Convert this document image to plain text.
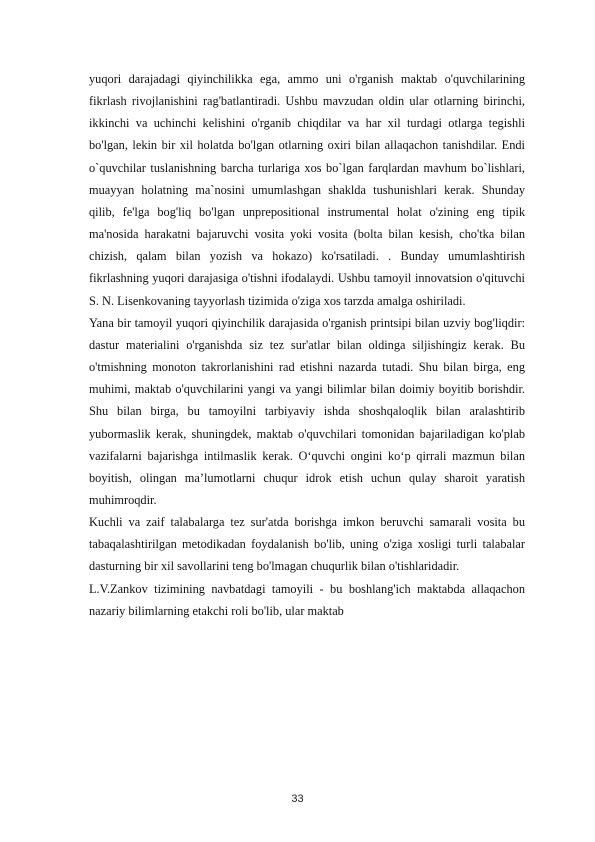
yuqori darajadagi qiyinchilikka ega, ammo uni o'rganish maktab o'quvchilarining fikrlash rivojlanishini rag'batlantiradi. Ushbu mavzudan oldin ular otlarning birinchi, ikkinchi va uchinchi kelishini o'rganib chiqdilar va har xil turdagi otlarga tegishli bo'lgan, lekin bir xil holatda bo'lgan otlarning oxiri bilan allaqachon tanishdilar. Endi o`quvchilar tuslanishning barcha turlariga xos bo`lgan farqlardan mavhum bo`lishlari, muayyan holatning ma`nosini umumlashgan shaklda tushunishlari kerak. Shunday qilib, fe'lga bog'liq bo'lgan unprepositional instrumental holat o'zining eng tipik ma'nosida harakatni bajaruvchi vosita yoki vosita (bolta bilan kesish, cho'tka bilan chizish, qalam bilan yozish va hokazo) ko'rsatiladi. . Bunday umumlashtirish fikrlashning yuqori darajasiga o'tishni ifodalaydi. Ushbu tamoyil innovatsion o'qituvchi S. N. Lisenkovaning tayyorlash tizimida o'ziga xos tarzda amalga oshiriladi.

Yana bir tamoyil yuqori qiyinchilik darajasida o'rganish printsipi bilan uzviy bog'liqdir: dastur materialini o'rganishda siz tez sur'atlar bilan oldinga siljishingiz kerak. Bu o'tmishning monoton takrorlanishini rad etishni nazarda tutadi. Shu bilan birga, eng muhimi, maktab o'quvchilarini yangi va yangi bilimlar bilan doimiy boyitib borishdir. Shu bilan birga, bu tamoyilni tarbiyaviy ishda shoshqaloqlik bilan aralashtirib yubormaslik kerak, shuningdek, maktab o'quvchilari tomonidan bajariladigan ko'plab vazifalarni bajarishga intilmaslik kerak. O‘quvchi ongini ko‘p qirrali mazmun bilan boyitish, olingan ma’lumotlarni chuqur idrok etish uchun qulay sharoit yaratish muhimroqdir.

Kuchli va zaif talabalarga tez sur'atda borishga imkon beruvchi samarali vosita bu tabaqalashtirilgan metodikadan foydalanish bo'lib, uning o'ziga xosligi turli talabalar dasturning bir xil savollarini teng bo'lmagan chuqurlik bilan o'tishlaridadir.

L.V.Zankov tizimining navbatdagi tamoyili - bu boshlang'ich maktabda allaqachon nazariy bilimlarning etakchi roli bo'lib, ular maktab

33
